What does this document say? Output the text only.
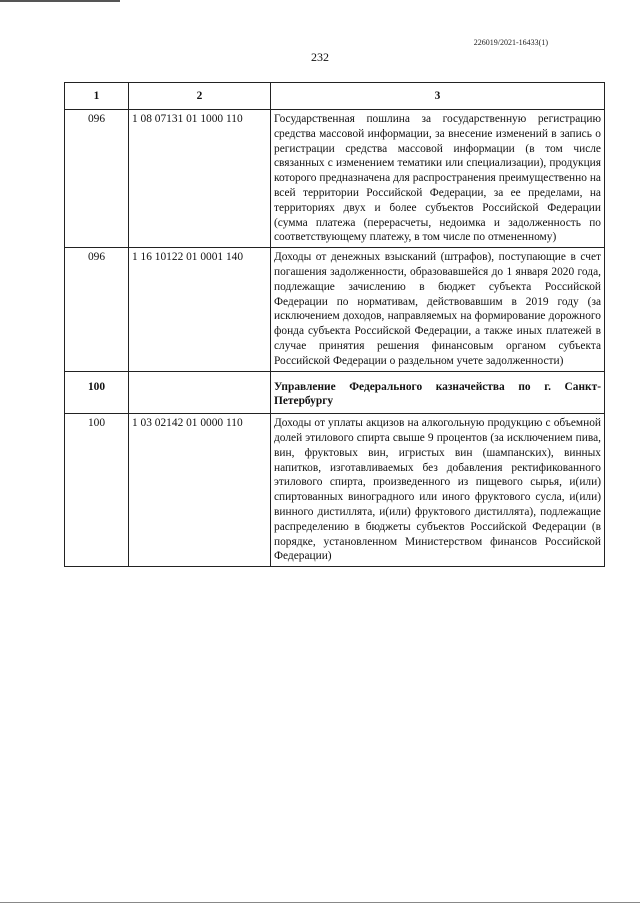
226019/2021-16433(1)
232
1	2	3
096	1 08 07131 01 1000 110	Государственная пошлина за государственную регистрацию средства массовой информации, за внесение изменений в запись о регистрации средства массовой информации (в том числе связанных с изменением тематики или специализации), продукция которого предназначена для распространения преимущественно на всей территории Российской Федерации, за ее пределами, на территориях двух и более субъектов Российской Федерации (сумма платежа (перерасчеты, недоимка и задолженность по соответствующему платежу, в том числе по отмененному)
096	1 16 10122 01 0001 140	Доходы от денежных взысканий (штрафов), поступающие в счет погашения задолженности, образовавшейся до 1 января 2020 года, подлежащие зачислению в бюджет субъекта Российской Федерации по нормативам, действовавшим в 2019 году (за исключением доходов, направляемых на формирование дорожного фонда субъекта Российской Федерации, а также иных платежей в случае принятия решения финансовым органом субъекта Российской Федерации о раздельном учете задолженности)
100		Управление Федерального казначейства по г. Санкт-Петербургу
100	1 03 02142 01 0000 110	Доходы от уплаты акцизов на алкогольную продукцию с объемной долей этилового спирта свыше 9 процентов (за исключением пива, вин, фруктовых вин, игристых вин (шампанских), винных напитков, изготавливаемых без добавления ректификованного этилового спирта, произведенного из пищевого сырья, и(или) спиртованных виноградного или иного фруктового сусла, и(или) винного дистиллята, и(или) фруктового дистиллята), подлежащие распределению в бюджеты субъектов Российской Федерации (в порядке, установленном Министерством финансов Российской Федерации)
